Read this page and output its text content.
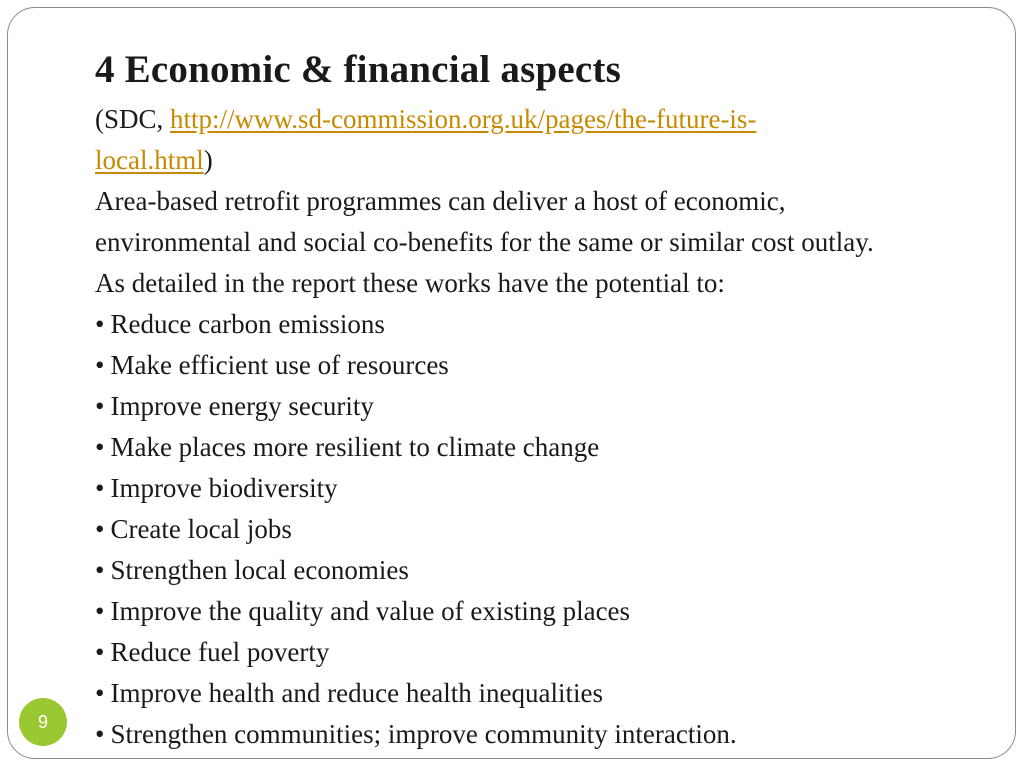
4 Economic & financial aspects

(SDC, http://www.sd-commission.org.uk/pages/the-future-is-

local.html)

Area-based retrofit programmes can deliver a host of economic,

environmental and social co-benefits for the same or similar cost outlay.

As detailed in the report these works have the potential to:

• Reduce carbon emissions
• Make efficient use of resources
• Improve energy security
• Make places more resilient to climate change
• Improve biodiversity
• Create local jobs
• Strengthen local economies
• Improve the quality and value of existing places
• Reduce fuel poverty
• Improve health and reduce health inequalities
• Strengthen communities; improve community interaction.
9
